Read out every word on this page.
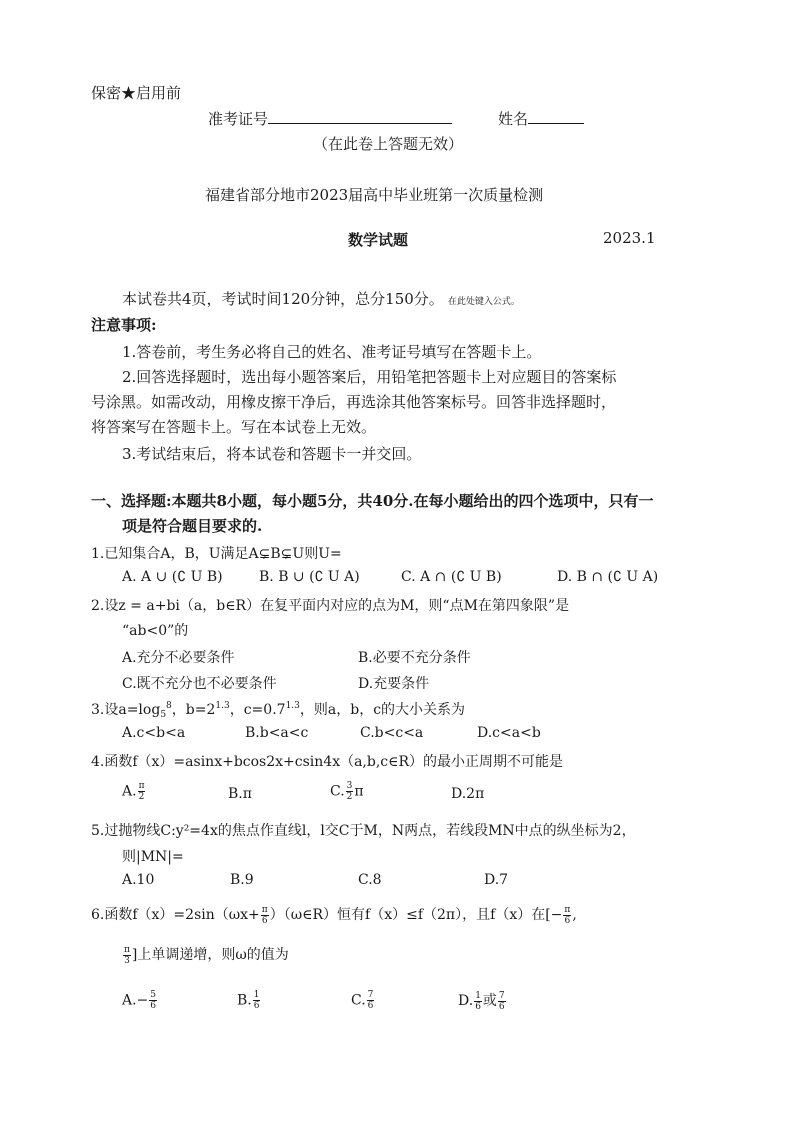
保密★启用前
准考证号	姓名
（在此卷上答题无效）
福建省部分地市2023届高中毕业班第一次质量检测
数学试题	2023.1
本试卷共4页，考试时间120分钟，总分150分。 在此处键入公式。
注意事项:
1.答卷前，考生务必将自己的姓名、准考证号填写在答题卡上。
2.回答选择题时，选出每小题答案后，用铅笔把答题卡上对应题目的答案标
号涂黑。如需改动，用橡皮擦干净后，再选涂其他答案标号。回答非选择题时，
将答案写在答题卡上。写在本试卷上无效。
3.考试结束后，将本试卷和答题卡一并交回。
一、选择题:本题共8小题，每小题5分，共40分.在每小题给出的四个选项中，只有一
项是符合题目要求的.
1.已知集合A，B，U满足A⊊B⊊U则U=
A. A ∪ (∁ U B)	B. B ∪ (∁ U A)	C. A ∩ (∁ U B)	D. B ∩ (∁ U A)
2.设z = a+bi（a，b∈R）在复平面内对应的点为M，则“点M在第四象限”是
“ab<0”的
A.充分不必要条件	B.必要不充分条件
C.既不充分也不必要条件	D.充要条件
3.设$a=\log_5^8$，$b=2^{1.3}$，$c=0.7^{1.3}$，则a，b，c的大小关系为
A.c<b<a	B.b<a<c	C.b<c<a	D.c<a<b
4.函数f（x）=asinx+bcos2x+csin4x（a,b,c∈R）的最小正周期不可能是
A. $\frac{\pi}{2}$	B.π	C. $\frac{3}{2}$ π	D.2π
5.过抛物线C:y²=4x的焦点作直线l，l交C于M，N两点，若线段MN中点的纵坐标为2，
则|MN|=
A.10	B.9	C.8	D.7
6.函数$f(x)=2\sin(\omega x+ \frac{\pi}{6}$ ）（ω∈R）恒有f（x）≤f（2π），且f（x）在[− $\frac{\pi}{6}$ ,
$\frac{\pi}{3}$ ]上单调递增，则ω的值为
$A.- \frac{5}{6}$	B. $\frac{1}{6}$	C. $\frac{7}{6}$	D. $\frac{1}{6}$ 或 $\frac{7}{6}$
